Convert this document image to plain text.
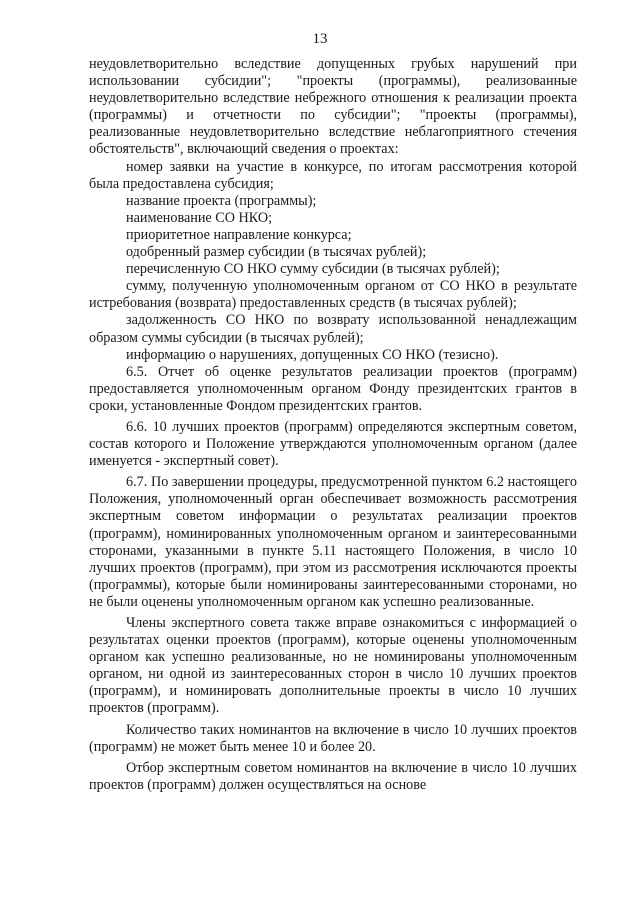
13

неудовлетворительно вследствие допущенных грубых нарушений при использовании субсидии"; "проекты (программы), реализованные неудовлетворительно вследствие небрежного отношения к реализации проекта (программы) и отчетности по субсидии"; "проекты (программы), реализованные неудовлетворительно вследствие неблагоприятного стечения обстоятельств", включающий сведения о проектах:

номер заявки на участие в конкурсе, по итогам рассмотрения которой была предоставлена субсидия;

название проекта (программы);

наименование СО НКО;

приоритетное направление конкурса;

одобренный размер субсидии (в тысячах рублей);

перечисленную СО НКО сумму субсидии (в тысячах рублей);

сумму, полученную уполномоченным органом от СО НКО в результате истребования (возврата) предоставленных средств (в тысячах рублей);

задолженность СО НКО по возврату использованной ненадлежащим образом суммы субсидии (в тысячах рублей);

информацию о нарушениях, допущенных СО НКО (тезисно).

6.5. Отчет об оценке результатов реализации проектов (программ) предоставляется уполномоченным органом Фонду президентских грантов в сроки, установленные Фондом президентских грантов.

6.6. 10 лучших проектов (программ) определяются экспертным советом, состав которого и Положение утверждаются уполномоченным органом (далее именуется - экспертный совет).

6.7. По завершении процедуры, предусмотренной пунктом 6.2 настоящего Положения, уполномоченный орган обеспечивает возможность рассмотрения экспертным советом информации о результатах реализации проектов (программ), номинированных уполномоченным органом и заинтересованными сторонами, указанными в пункте 5.11 настоящего Положения, в число 10 лучших проектов (программ), при этом из рассмотрения исключаются проекты (программы), которые были номинированы заинтересованными сторонами, но не были оценены уполномоченным органом как успешно реализованные.

Члены экспертного совета также вправе ознакомиться с информацией о результатах оценки проектов (программ), которые оценены уполномоченным органом как успешно реализованные, но не номинированы уполномоченным органом, ни одной из заинтересованных сторон в число 10 лучших проектов (программ), и номинировать дополнительные проекты в число 10 лучших проектов (программ).

Количество таких номинантов на включение в число 10 лучших проектов (программ) не может быть менее 10 и более 20.

Отбор экспертным советом номинантов на включение в число 10 лучших проектов (программ) должен осуществляться на основе
